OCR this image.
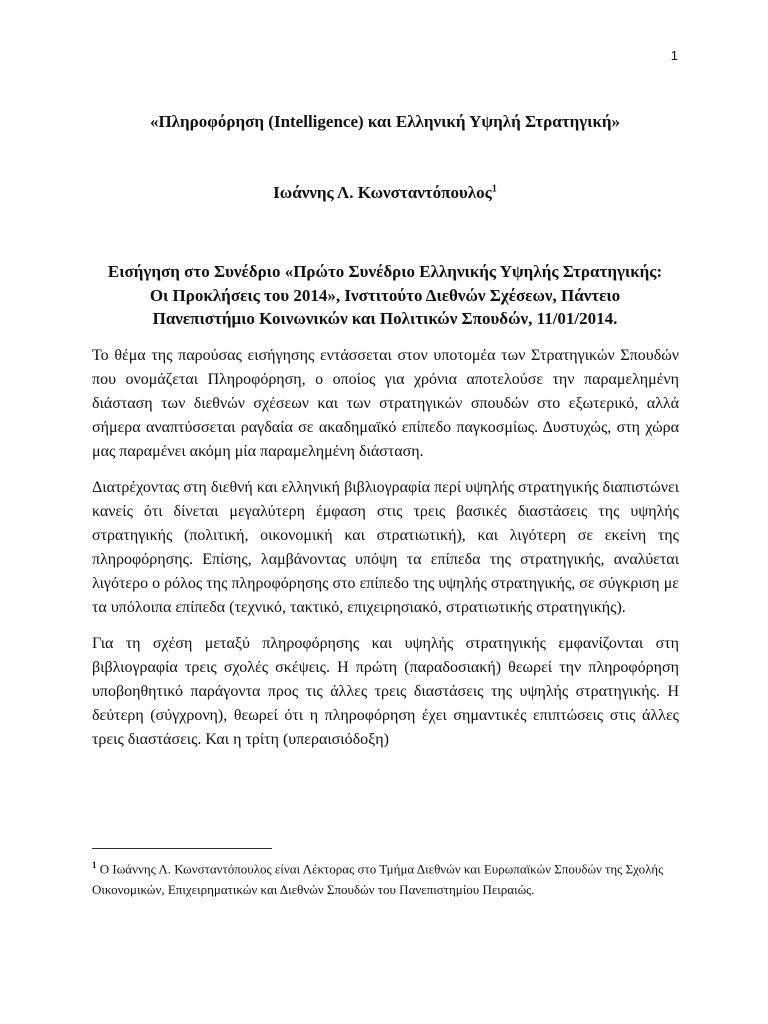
1
«Πληροφόρηση (Intelligence) και Ελληνική Υψηλή Στρατηγική»
Ιωάννης Λ. Κωνσταντόπουλος$^1$
Εισήγηση στο Συνέδριο «Πρώτο Συνέδριο Ελληνικής Υψηλής Στρατηγικής:
Οι Προκλήσεις του 2014», Ινστιτούτο Διεθνών Σχέσεων, Πάντειο
Πανεπιστήμιο Κοινωνικών και Πολιτικών Σπουδών, 11/01/2014.

Το θέμα της παρούσας εισήγησης εντάσσεται στον υποτομέα των Στρατηγικών Σπουδών που ονομάζεται Πληροφόρηση, ο οποίος για χρόνια αποτελούσε την παραμελημένη διάσταση των διεθνών σχέσεων και των στρατηγικών σπουδών στο εξωτερικό, αλλά σήμερα αναπτύσσεται ραγδαία σε ακαδημαϊκό επίπεδο παγκοσμίως. Δυστυχώς, στη χώρα μας παραμένει ακόμη μία παραμελημένη διάσταση.

Διατρέχοντας στη διεθνή και ελληνική βιβλιογραφία περί υψηλής στρατηγικής διαπιστώνει κανείς ότι δίνεται μεγαλύτερη έμφαση στις τρεις βασικές διαστάσεις της υψηλής στρατηγικής (πολιτική, οικονομική και στρατιωτική), και λιγότερη σε εκείνη της πληροφόρησης. Επίσης, λαμβάνοντας υπόψη τα επίπεδα της στρατηγικής, αναλύεται λιγότερο ο ρόλος της πληροφόρησης στο επίπεδο της υψηλής στρατηγικής, σε σύγκριση με τα υπόλοιπα επίπεδα (τεχνικό, τακτικό, επιχειρησιακό, στρατιωτικής στρατηγικής).

Για τη σχέση μεταξύ πληροφόρησης και υψηλής στρατηγικής εμφανίζονται στη βιβλιογραφία τρεις σχολές σκέψεις. Η πρώτη (παραδοσιακή) θεωρεί την πληροφόρηση υποβοηθητικό παράγοντα προς τις άλλες τρεις διαστάσεις της υψηλής στρατηγικής. Η δεύτερη (σύγχρονη), θεωρεί ότι η πληροφόρηση έχει σημαντικές επιπτώσεις στις άλλες τρεις διαστάσεις. Και η τρίτη (υπεραισιόδοξη)

$^1$ Ο Ιωάννης Λ. Κωνσταντόπουλος είναι Λέκτορας στο Τμήμα Διεθνών και Ευρωπαϊκών Σπουδών της Σχολής Οικονομικών, Επιχειρηματικών και Διεθνών Σπουδών του Πανεπιστημίου Πειραιώς.
